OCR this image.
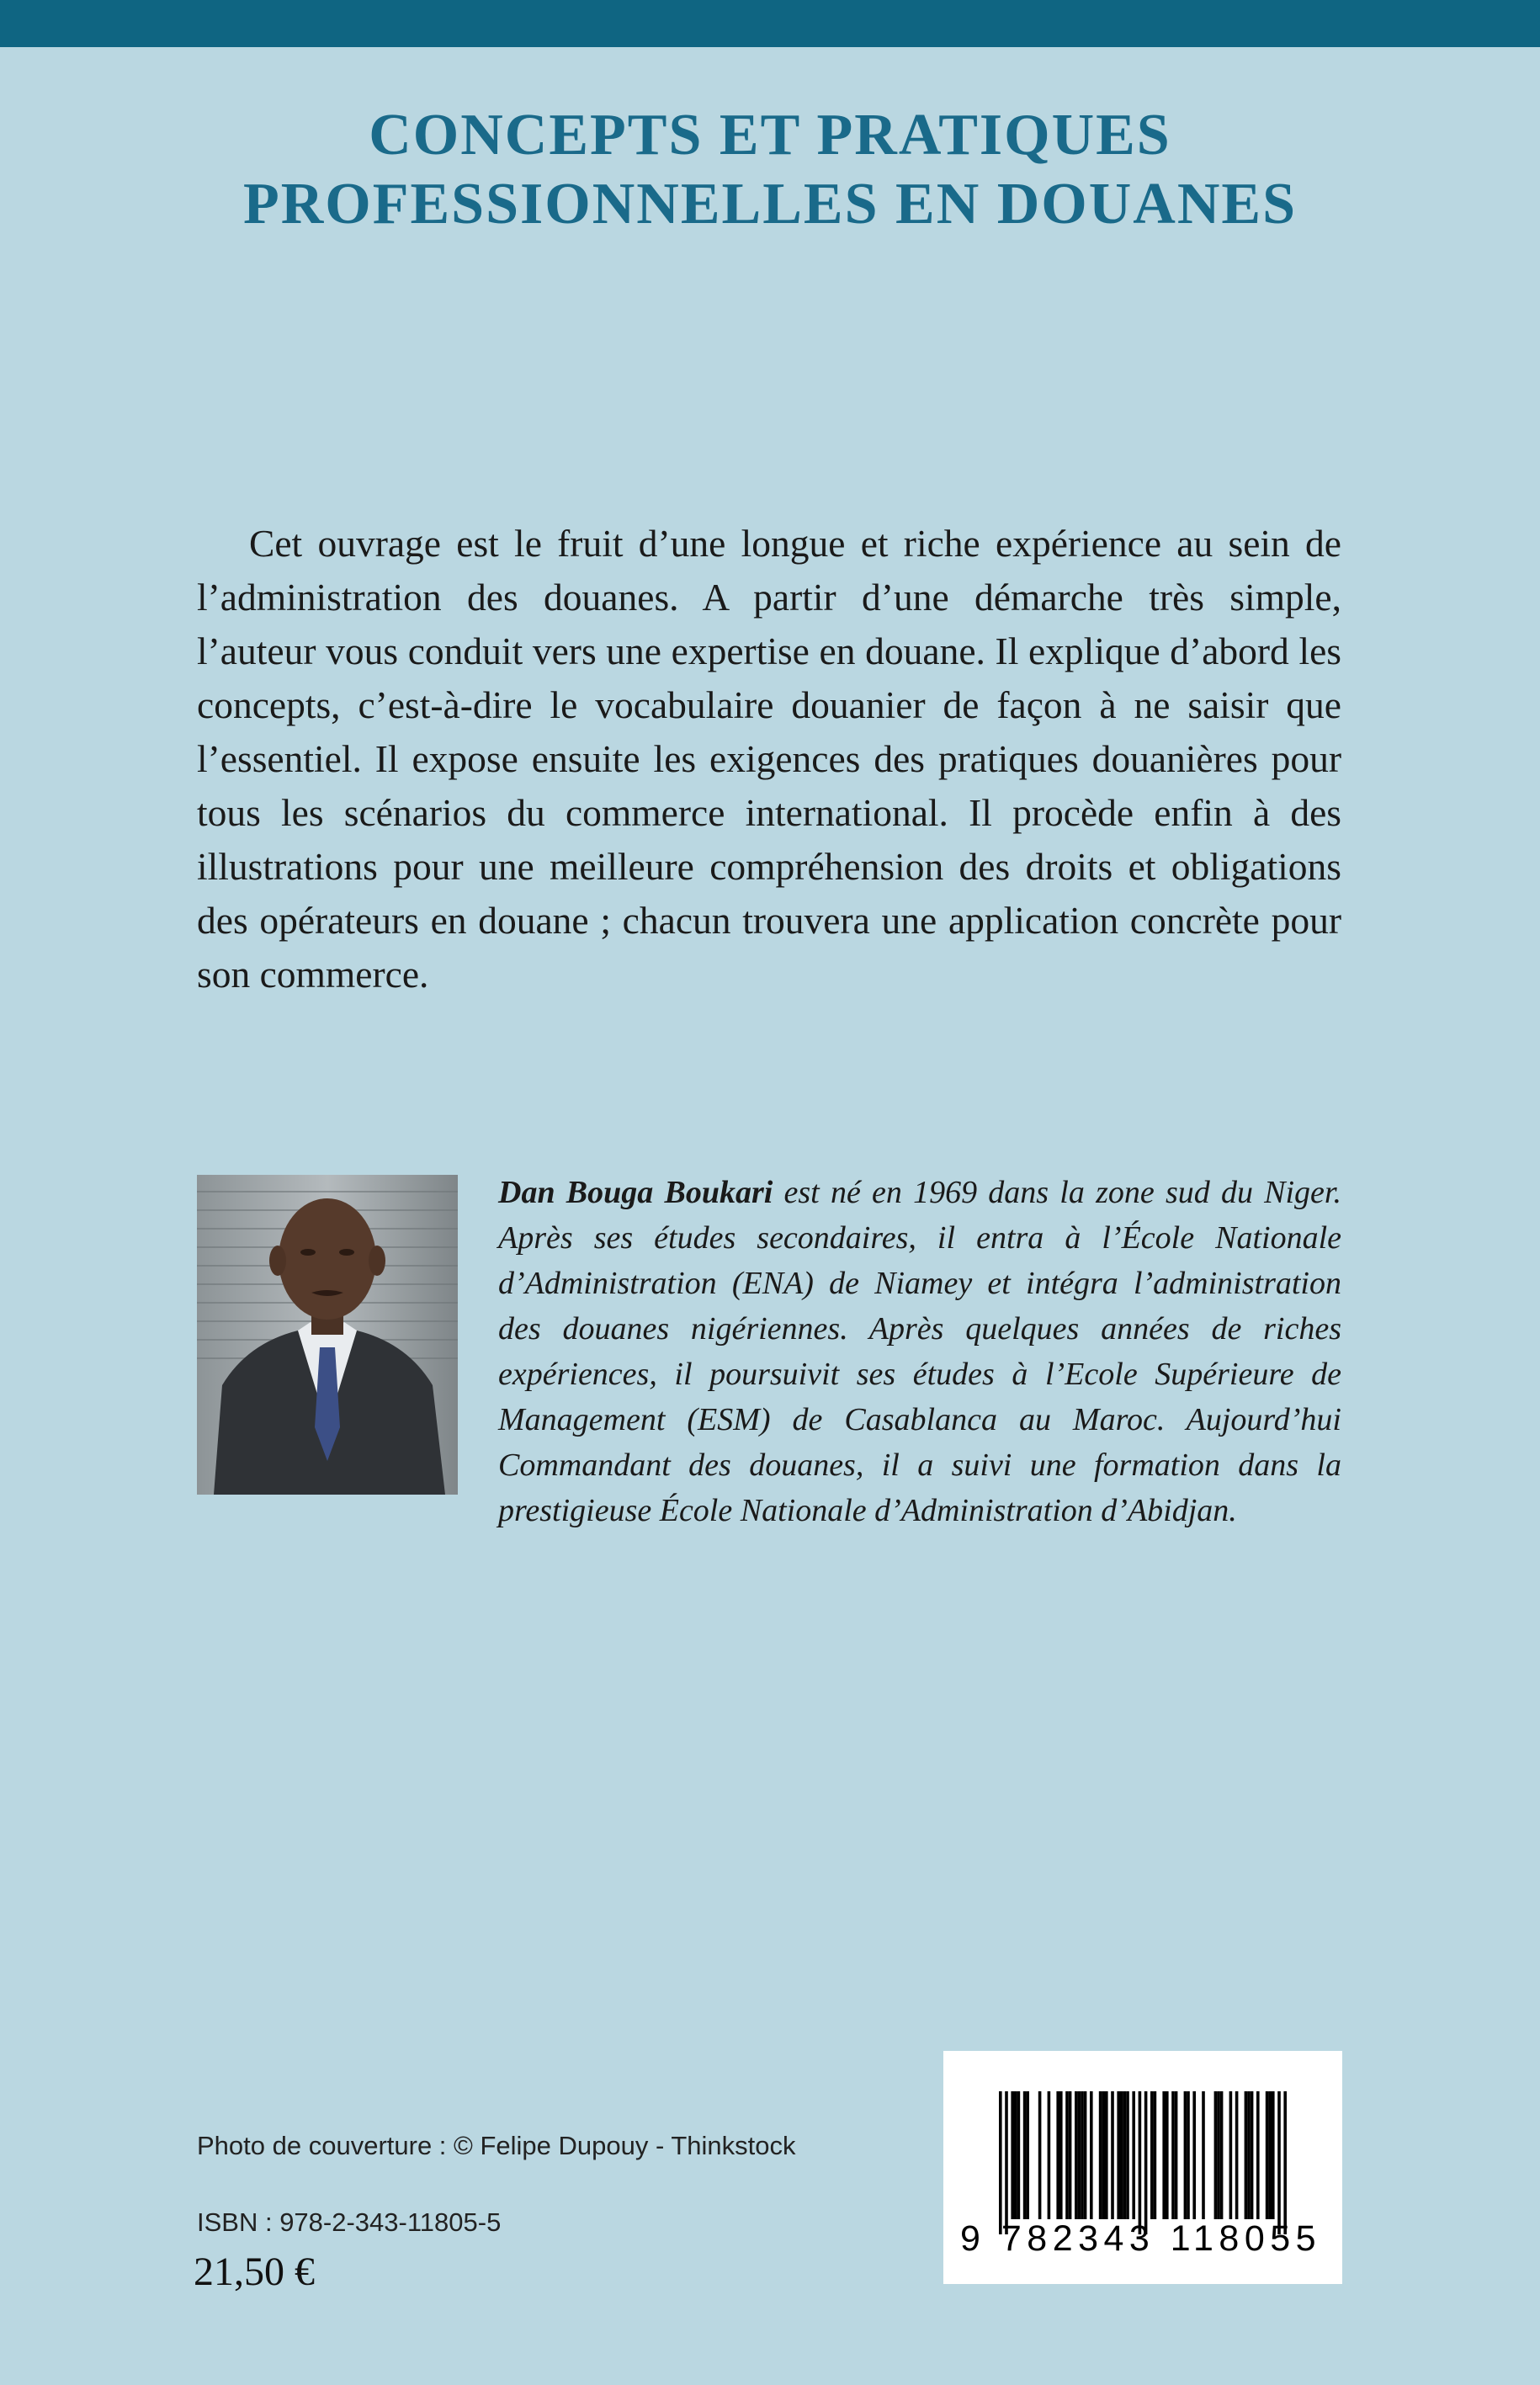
CONCEPTS ET PRATIQUES
PROFESSIONNELLES EN DOUANES

Cet ouvrage est le fruit d’une longue et riche expérience au sein de l’administration des douanes. A partir d’une démarche très simple, l’auteur vous conduit vers une expertise en douane. Il explique d’abord les concepts, c’est-à-dire le vocabulaire douanier de façon à ne saisir que l’essentiel. Il expose ensuite les exigences des pratiques douanières pour tous les scénarios du commerce international. Il procède enfin à des illustrations pour une meilleure compréhension des droits et obligations des opérateurs en douane ; chacun trouvera une application concrète pour son commerce.

Dan Bouga Boukari est né en 1969 dans la zone sud du Niger. Après ses études secondaires, il entra à l’École Nationale d’Administration (ENA) de Niamey et intégra l’administration des douanes nigériennes. Après quelques années de riches expériences, il poursuivit ses études à l’Ecole Supérieure de Management (ESM) de Casablanca au Maroc. Aujourd’hui Commandant des douanes, il a suivi une formation dans la prestigieuse École Nationale d’Administration d’Abidjan.

Photo de couverture : © Felipe Dupouy - Thinkstock
ISBN : 978-2-343-11805-5
21,50 €
9 782343 118055
